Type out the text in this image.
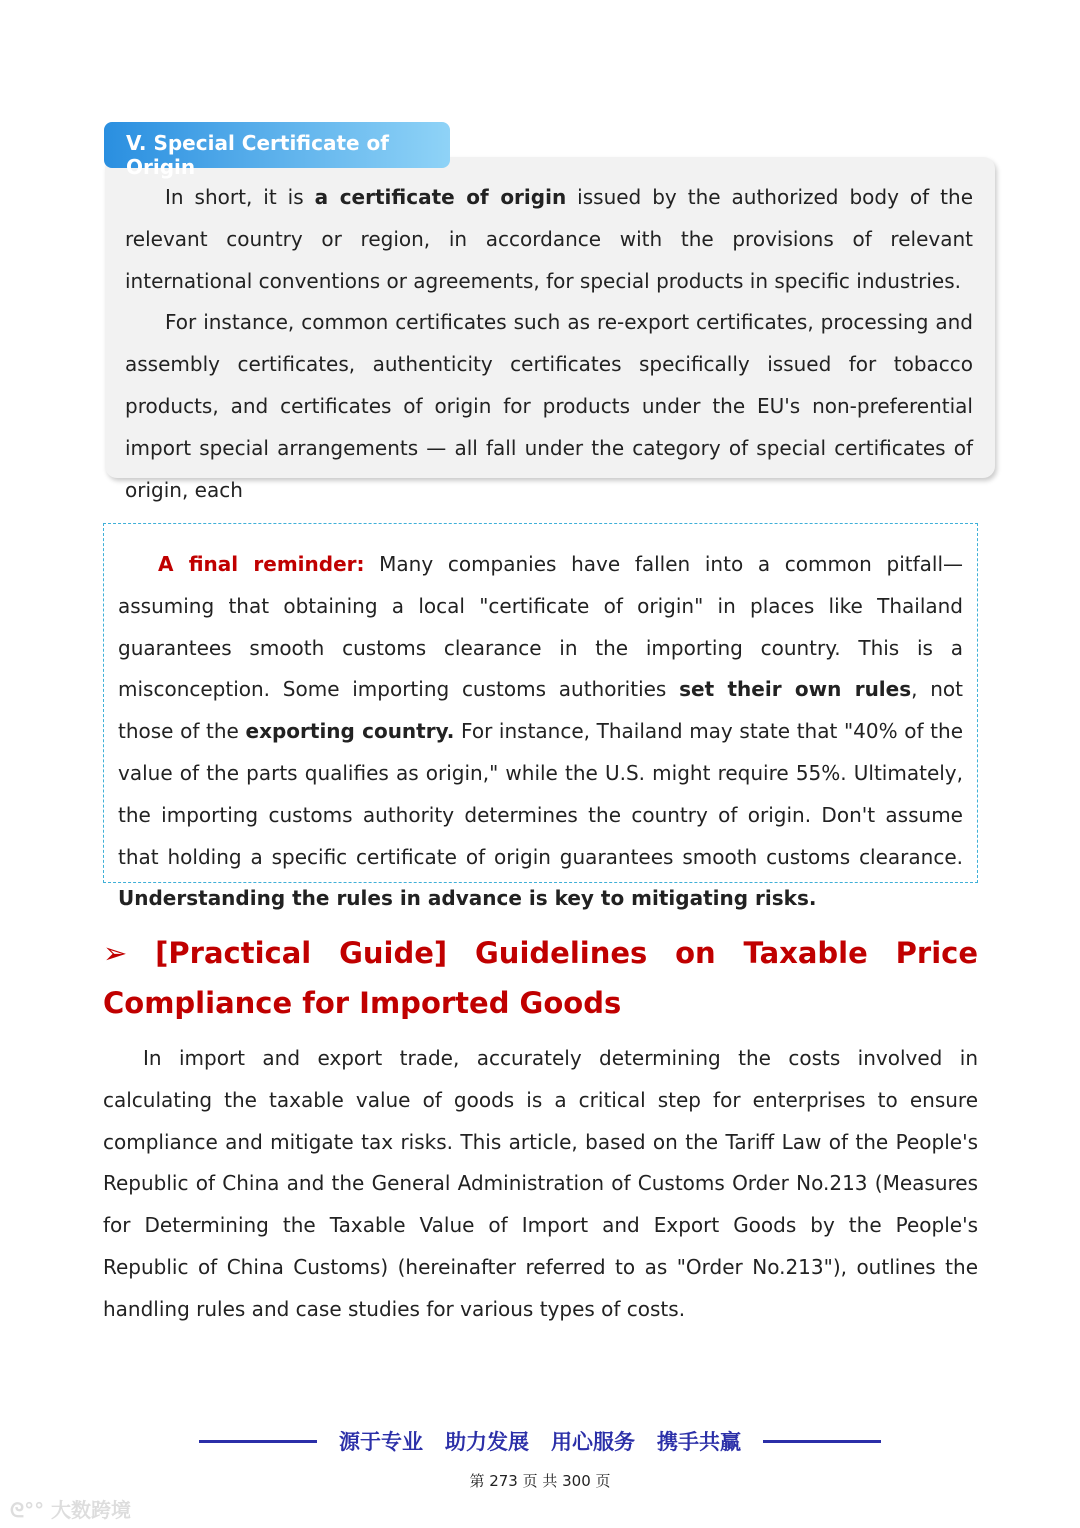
V. Special Certificate of Origin

In short, it is a certificate of origin issued by the authorized body of the relevant country or region, in accordance with the provisions of relevant international conventions or agreements, for special products in specific industries.

For instance, common certificates such as re-export certificates, processing and assembly certificates, authenticity certificates specifically issued for tobacco products, and certificates of origin for products under the EU's non-preferential import special arrangements — all fall under the category of special certificates of origin, each

A final reminder: Many companies have fallen into a common pitfall—assuming that obtaining a local "certificate of origin" in places like Thailand guarantees smooth customs clearance in the importing country. This is a misconception. Some importing customs authorities set their own rules, not those of the exporting country. For instance, Thailand may state that "40% of the value of the parts qualifies as origin," while the U.S. might require 55%. Ultimately, the importing customs authority determines the country of origin. Don't assume that holding a specific certificate of origin guarantees smooth customs clearance. Understanding the rules in advance is key to mitigating risks.

➢ [Practical Guide] Guidelines on Taxable Price Compliance for Imported Goods

In import and export trade, accurately determining the costs involved in calculating the taxable value of goods is a critical step for enterprises to ensure compliance and mitigate tax risks. This article, based on the Tariff Law of the People's Republic of China and the General Administration of Customs Order No.213 (Measures for Determining the Taxable Value of Import and Export Goods by the People's Republic of China Customs) (hereinafter referred to as "Order No.213"), outlines the handling rules and case studies for various types of costs.

源于专业 助力发展 用心服务 携手共赢
第 273 页 共 300 页
ᘓ°° 大数跨境
